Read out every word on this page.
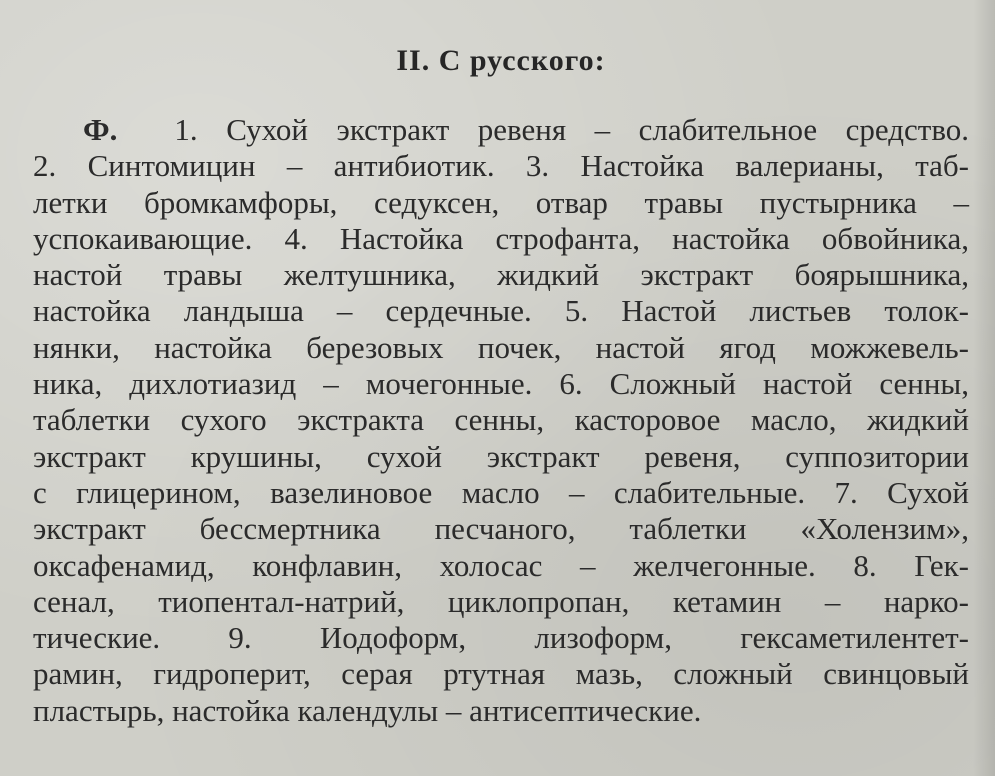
II. С русского:
Ф. 1. Сухой экстракт ревеня – слабительное средство.
2. Синтомицин – антибиотик. 3. Настойка валерианы, таб-
летки бромкамфоры, седуксен, отвар травы пустырника –
успокаивающие. 4. Настойка строфанта, настойка обвойника,
настой травы желтушника, жидкий экстракт боярышника,
настойка ландыша – сердечные. 5. Настой листьев толок-
нянки, настойка березовых почек, настой ягод можжевель-
ника, дихлотиазид – мочегонные. 6. Сложный настой сенны,
таблетки сухого экстракта сенны, касторовое масло, жидкий
экстракт крушины, сухой экстракт ревеня, суппозитории
с глицерином, вазелиновое масло – слабительные. 7. Сухой
экстракт бессмертника песчаного, таблетки «Холензим»,
оксафенамид, конфлавин, холосас – желчегонные. 8. Гек-
сенал, тиопентал-натрий, циклопропан, кетамин – нарко-
тические. 9. Иодоформ, лизоформ, гексаметилентет-
рамин, гидроперит, серая ртутная мазь, сложный свинцовый
пластырь, настойка календулы – антисептические.
